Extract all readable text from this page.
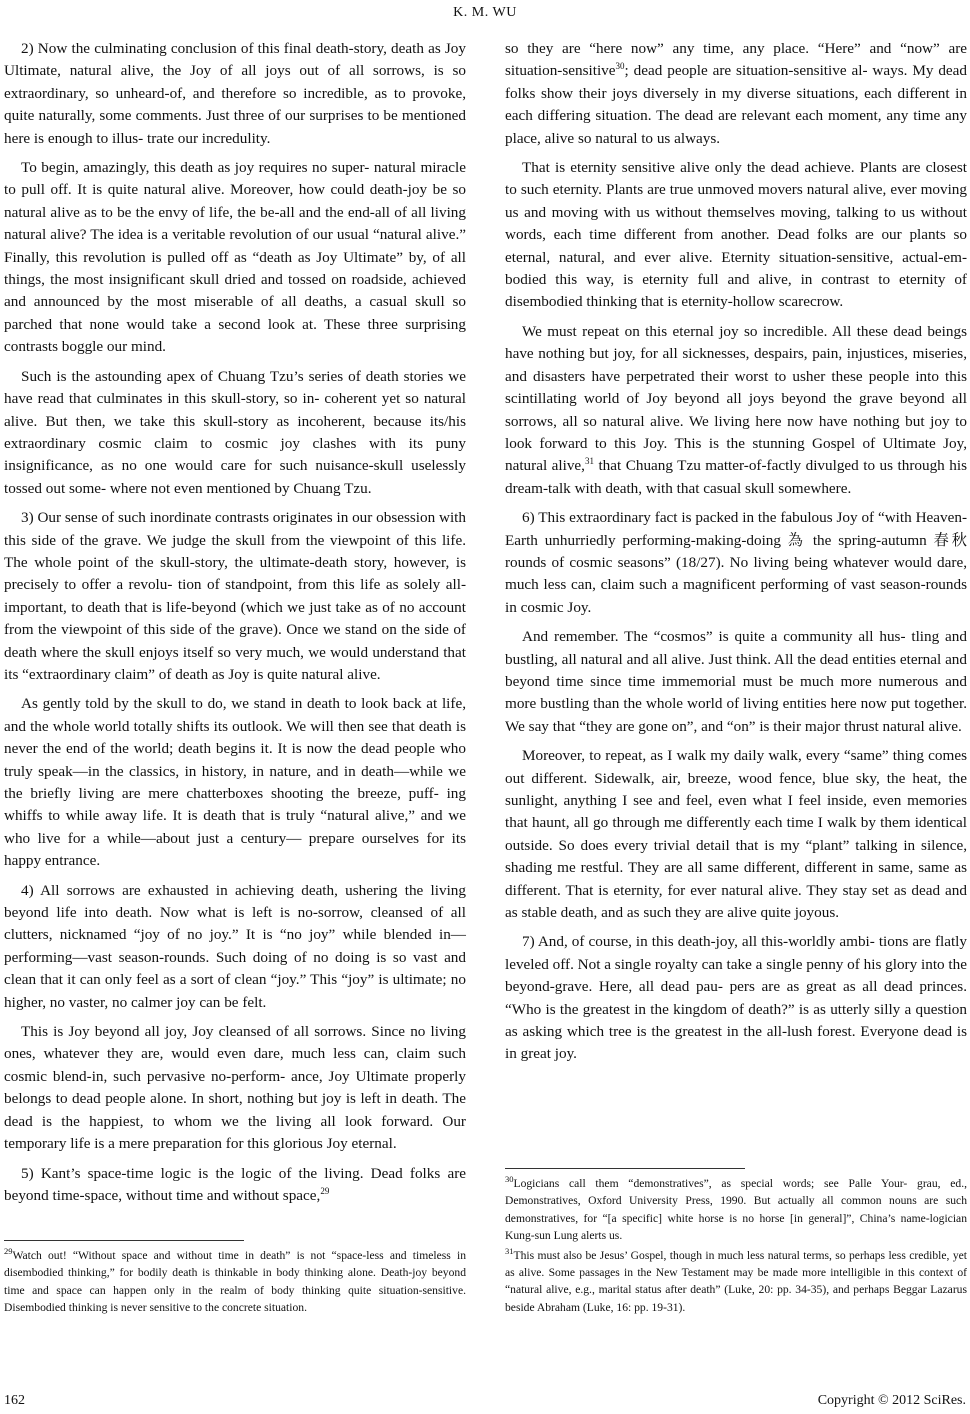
K. M. WU

2) Now the culminating conclusion of this final death-story, death as Joy Ultimate, natural alive, the Joy of all joys out of all sorrows, is so extraordinary, so unheard-of, and therefore so incredible, as to provoke, quite naturally, some comments. Just three of our surprises to be mentioned here is enough to illus- trate our incredulity.

To begin, amazingly, this death as joy requires no super- natural miracle to pull off. It is quite natural alive. Moreover, how could death-joy be so natural alive as to be the envy of life, the be-all and the end-all of all living natural alive? The idea is a veritable revolution of our usual “natural alive.” Finally, this revolution is pulled off as “death as Joy Ultimate” by, of all things, the most insignificant skull dried and tossed on roadside, achieved and announced by the most miserable of all deaths, a casual skull so parched that none would take a second look at. These three surprising contrasts boggle our mind.

Such is the astounding apex of Chuang Tzu’s series of death stories we have read that culminates in this skull-story, so in- coherent yet so natural alive. But then, we take this skull-story as incoherent, because its/his extraordinary cosmic claim to cosmic joy clashes with its puny insignificance, as no one would care for such nuisance-skull uselessly tossed out some- where not even mentioned by Chuang Tzu.

3) Our sense of such inordinate contrasts originates in our obsession with this side of the grave. We judge the skull from the viewpoint of this life. The whole point of the skull-story, the ultimate-death story, however, is precisely to offer a revolu- tion of standpoint, from this life as solely all-important, to death that is life-beyond (which we just take as of no account from the viewpoint of this side of the grave). Once we stand on the side of death where the skull enjoys itself so very much, we would understand that its “extraordinary claim” of death as Joy is quite natural alive.

As gently told by the skull to do, we stand in death to look back at life, and the whole world totally shifts its outlook. We will then see that death is never the end of the world; death begins it. It is now the dead people who truly speak—in the classics, in history, in nature, and in death—while we the briefly living are mere chatterboxes shooting the breeze, puff- ing whiffs to while away life. It is death that is truly “natural alive,” and we who live for a while—about just a century— prepare ourselves for its happy entrance.

4) All sorrows are exhausted in achieving death, ushering the living beyond life into death. Now what is left is no-sorrow, cleansed of all clutters, nicknamed “joy of no joy.” It is “no joy” while blended in—performing—vast season-rounds. Such doing of no doing is so vast and clean that it can only feel as a sort of clean “joy.” This “joy” is ultimate; no higher, no vaster, no calmer joy can be felt.

This is Joy beyond all joy, Joy cleansed of all sorrows. Since no living ones, whatever they are, would even dare, much less can, claim such cosmic blend-in, such pervasive no-perform- ance, Joy Ultimate properly belongs to dead people alone. In short, nothing but joy is left in death. The dead is the happiest, to whom we the living all look forward. Our temporary life is a mere preparation for this glorious Joy eternal.

5) Kant’s space-time logic is the logic of the living. Dead folks are beyond time-space, without time and without space,$^{29}$

so they are “here now” any time, any place. “Here” and “now” are situation-sensitive$^{30}$; dead people are situation-sensitive al- ways. My dead folks show their joys diversely in my diverse situations, each different in each differing situation. The dead are relevant each moment, any time any place, alive so natural to us always.

That is eternity sensitive alive only the dead achieve. Plants are closest to such eternity. Plants are true unmoved movers natural alive, ever moving us and moving with us without themselves moving, talking to us without words, each time different from another. Dead folks are our plants so eternal, natural, and ever alive. Eternity situation-sensitive, actual-em- bodied this way, is eternity full and alive, in contrast to eternity of disembodied thinking that is eternity-hollow scarecrow.

We must repeat on this eternal joy so incredible. All these dead beings have nothing but joy, for all sicknesses, despairs, pain, injustices, miseries, and disasters have perpetrated their worst to usher these people into this scintillating world of Joy beyond all joys beyond the grave beyond all sorrows, all so natural alive. We living here now have nothing but joy to look forward to this Joy. This is the stunning Gospel of Ultimate Joy, natural alive,$^{31}$ that Chuang Tzu matter-of-factly divulged to us through his dream-talk with death, with that casual skull somewhere.

6) This extraordinary fact is packed in the fabulous Joy of “with Heaven-Earth unhurriedly performing-making-doing 為 the spring-autumn 春秋 rounds of cosmic seasons” (18/27). No living being whatever would dare, much less can, claim such a magnificent performing of vast season-rounds in cosmic Joy.

And remember. The “cosmos” is quite a community all hus- tling and bustling, all natural and all alive. Just think. All the dead entities eternal and beyond time since time immemorial must be much more numerous and more bustling than the whole world of living entities here now put together. We say that “they are gone on”, and “on” is their major thrust natural alive.

Moreover, to repeat, as I walk my daily walk, every “same” thing comes out different. Sidewalk, air, breeze, wood fence, blue sky, the heat, the sunlight, anything I see and feel, even what I feel inside, even memories that haunt, all go through me differently each time I walk by them identical outside. So does every trivial detail that is my “plant” talking in silence, shading me restful. They are all same different, different in same, same as different. That is eternity, for ever natural alive. They stay set as dead and as stable death, and as such they are alive quite joyous.

7) And, of course, in this death-joy, all this-worldly ambi- tions are flatly leveled off. Not a single royalty can take a single penny of his glory into the beyond-grave. Here, all dead pau- pers are as great as all dead princes. “Who is the greatest in the kingdom of death?” is as utterly silly a question as asking which tree is the greatest in the all-lush forest. Everyone dead is in great joy.

$^{29}$Watch out! “Without space and without time in death” is not “space-less and timeless in disembodied thinking,” for bodily death is thinkable in body thinking alone. Death-joy beyond time and space can happen only in the realm of body thinking quite situation-sensitive. Disembodied thinking is never sensitive to the concrete situation.

$^{30}$Logicians call them “demonstratives”, as special words; see Palle Your- grau, ed., Demonstratives, Oxford University Press, 1990. But actually all common nouns are such demonstratives, for “[a specific] white horse is no horse [in general]”, China’s name-logician Kung-sun Lung alerts us.

$^{31}$This must also be Jesus’ Gospel, though in much less natural terms, so perhaps less credible, yet as alive. Some passages in the New Testament may be made more intelligible in this context of “natural alive, e.g., marital status after death” (Luke, 20: pp. 34-35), and perhaps Beggar Lazarus beside Abraham (Luke, 16: pp. 19-31).

162	Copyright © 2012 SciRes.
